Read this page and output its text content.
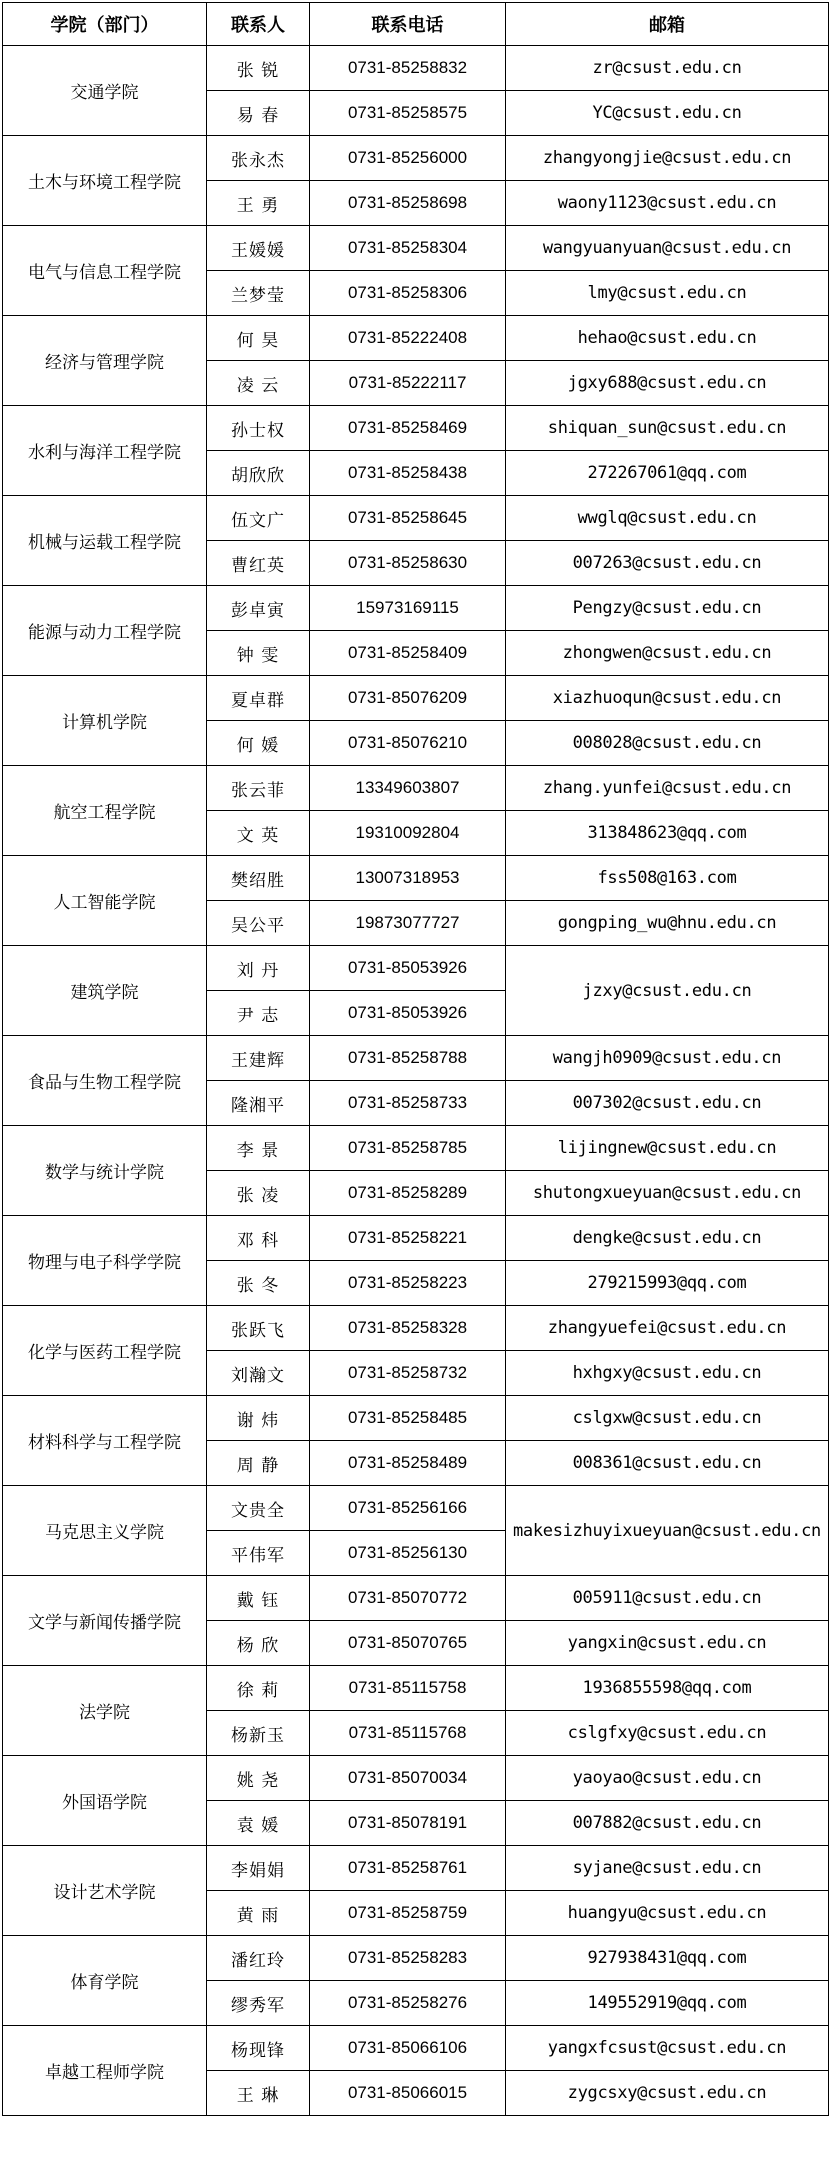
学院（部门）	联系人	联系电话	邮箱
交通学院	张 锐	0731-85258832	zr@csust.edu.cn
	易 春	0731-85258575	YC@csust.edu.cn
土木与环境工程学院	张永杰	0731-85256000	zhangyongjie@csust.edu.cn
	王 勇	0731-85258698	waony1123@csust.edu.cn
电气与信息工程学院	王媛媛	0731-85258304	wangyuanyuan@csust.edu.cn
	兰梦莹	0731-85258306	lmy@csust.edu.cn
经济与管理学院	何 昊	0731-85222408	hehao@csust.edu.cn
	凌 云	0731-85222117	jgxy688@csust.edu.cn
水利与海洋工程学院	孙士权	0731-85258469	shiquan_sun@csust.edu.cn
	胡欣欣	0731-85258438	272267061@qq.com
机械与运载工程学院	伍文广	0731-85258645	wwglq@csust.edu.cn
	曹红英	0731-85258630	007263@csust.edu.cn
能源与动力工程学院	彭卓寅	15973169115	Pengzy@csust.edu.cn
	钟 雯	0731-85258409	zhongwen@csust.edu.cn
计算机学院	夏卓群	0731-85076209	xiazhuoqun@csust.edu.cn
	何 媛	0731-85076210	008028@csust.edu.cn
航空工程学院	张云菲	13349603807	zhang.yunfei@csust.edu.cn
	文 英	19310092804	313848623@qq.com
人工智能学院	樊绍胜	13007318953	fss508@163.com
	吴公平	19873077727	gongping_wu@hnu.edu.cn
建筑学院	刘 丹	0731-85053926	jzxy@csust.edu.cn
	尹 志	0731-85053926	
食品与生物工程学院	王建辉	0731-85258788	wangjh0909@csust.edu.cn
	隆湘平	0731-85258733	007302@csust.edu.cn
数学与统计学院	李 景	0731-85258785	lijingnew@csust.edu.cn
	张 凌	0731-85258289	shutongxueyuan@csust.edu.cn
物理与电子科学学院	邓 科	0731-85258221	dengke@csust.edu.cn
	张 冬	0731-85258223	279215993@qq.com
化学与医药工程学院	张跃飞	0731-85258328	zhangyuefei@csust.edu.cn
	刘瀚文	0731-85258732	hxhgxy@csust.edu.cn
材料科学与工程学院	谢 炜	0731-85258485	cslgxw@csust.edu.cn
	周 静	0731-85258489	008361@csust.edu.cn
马克思主义学院	文贵全	0731-85256166	makesizhuyixueyuan@csust.edu.cn
	平伟军	0731-85256130	
文学与新闻传播学院	戴 钰	0731-85070772	005911@csust.edu.cn
	杨 欣	0731-85070765	yangxin@csust.edu.cn
法学院	徐 莉	0731-85115758	1936855598@qq.com
	杨新玉	0731-85115768	cslgfxy@csust.edu.cn
外国语学院	姚 尧	0731-85070034	yaoyao@csust.edu.cn
	袁 媛	0731-85078191	007882@csust.edu.cn
设计艺术学院	李娟娟	0731-85258761	syjane@csust.edu.cn
	黄 雨	0731-85258759	huangyu@csust.edu.cn
体育学院	潘红玲	0731-85258283	927938431@qq.com
	缪秀军	0731-85258276	149552919@qq.com
卓越工程师学院	杨现锋	0731-85066106	yangxfcsust@csust.edu.cn
	王 琳	0731-85066015	zygcsxy@csust.edu.cn
